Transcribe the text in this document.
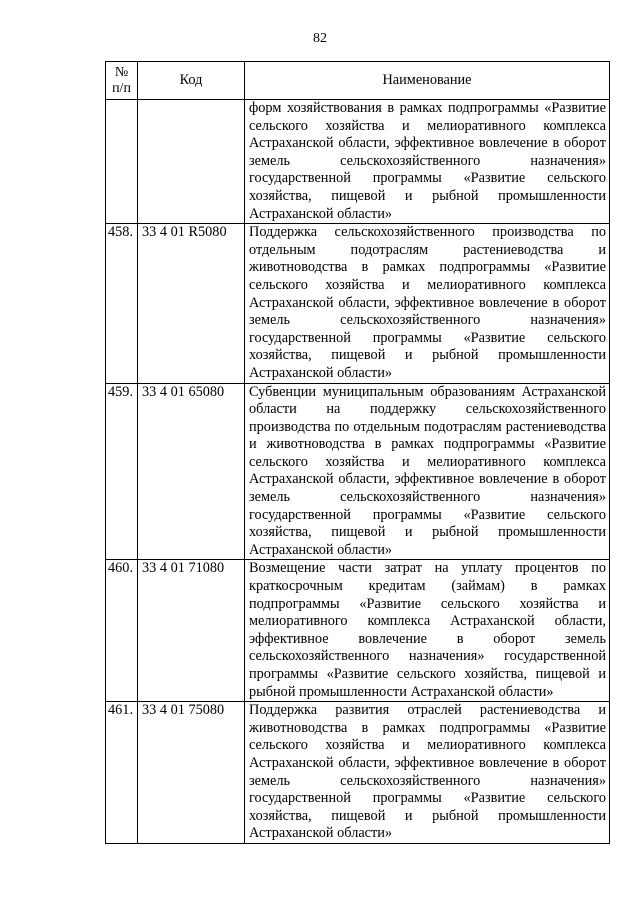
82
№
п/п	Код	Наименование
		форм хозяйствования в рамках подпрограммы «Развитие сельского хозяйства и мелиоративного комплекса Астраханской области, эффективное вовлечение в оборот земель сельскохозяйственного назначения» государственной программы «Развитие сельского хозяйства, пищевой и рыбной промышленности Астраханской области»
458.	33 4 01 R5080	Поддержка сельскохозяйственного производства по отдельным подотраслям растениеводства и животноводства в рамках подпрограммы «Развитие сельского хозяйства и мелиоративного комплекса Астраханской области, эффективное вовлечение в оборот земель сельскохозяйственного назначения» государственной программы «Развитие сельского хозяйства, пищевой и рыбной промышленности Астраханской области»
459.	33 4 01 65080	Субвенции муниципальным образованиям Астраханской области на поддержку сельскохозяйственного производства по отдельным подотраслям растениеводства и животноводства в рамках подпрограммы «Развитие сельского хозяйства и мелиоративного комплекса Астраханской области, эффективное вовлечение в оборот земель сельскохозяйственного назначения» государственной программы «Развитие сельского хозяйства, пищевой и рыбной промышленности Астраханской области»
460.	33 4 01 71080	Возмещение части затрат на уплату процентов по краткосрочным кредитам (займам) в рамках подпрограммы «Развитие сельского хозяйства и мелиоративного комплекса Астраханской области, эффективное вовлечение в оборот земель сельскохозяйственного назначения» государственной программы «Развитие сельского хозяйства, пищевой и рыбной промышленности Астраханской области»
461.	33 4 01 75080	Поддержка развития отраслей растениеводства и животноводства в рамках подпрограммы «Развитие сельского хозяйства и мелиоративного комплекса Астраханской области, эффективное вовлечение в оборот земель сельскохозяйственного назначения» государственной программы «Развитие сельского хозяйства, пищевой и рыбной промышленности Астраханской области»
